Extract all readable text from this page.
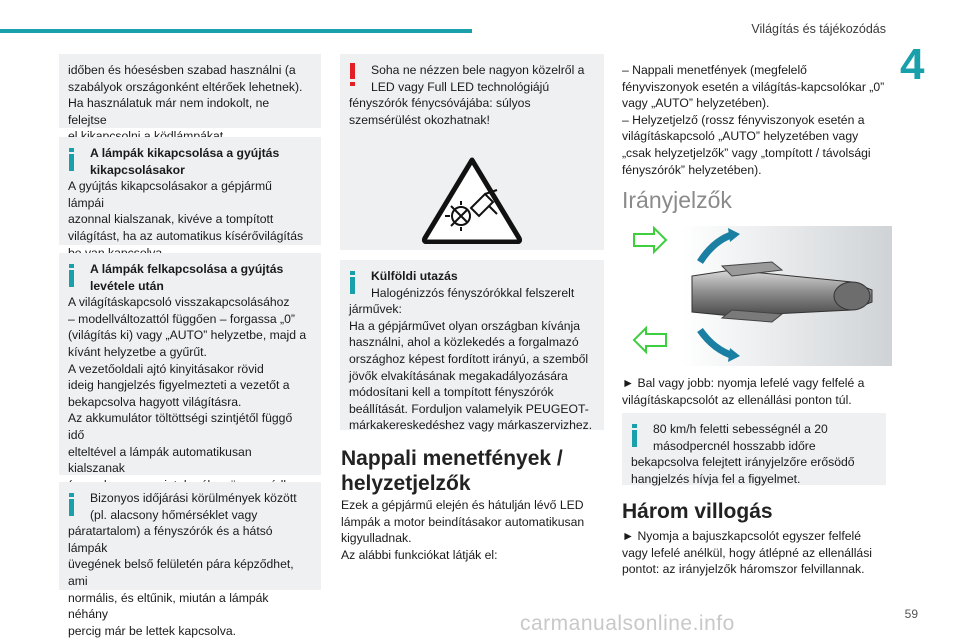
Világítás és tájékozódás
4

időben és hóesésben szabad használni (a

szabályok országonként eltérőek lehetnek).

Ha használatuk már nem indokolt, ne felejtse

A lámpák kikapcsolása a gyújtás

kikapcsolásakor

A gyújtás kikapcsolásakor a gépjármű lámpái

azonnal kialszanak, kivéve a tompított

világítást, ha az automatikus kísérővilágítás

A lámpák felkapcsolása a gyújtás

levétele után

A világításkapcsoló visszakapcsolásához

– modellváltozattól függően – forgassa „0”

(világítás ki) vagy „AUTO” helyzetbe, majd a

kívánt helyzetbe a gyűrűt.

A vezetőoldali ajtó kinyitásakor rövid

ideig hangjelzés figyelmezteti a vezetőt a

bekapcsolva hagyott világításra.

Az akkumulátor töltöttségi szintjétől függő idő

elteltével a lámpák automatikusan kialszanak

Bizonyos időjárási körülmények között

(pl. alacsony hőmérséklet vagy

páratartalom) a fényszórók és a hátsó lámpák

üvegének belső felületén pára képződhet, ami

normális, és eltűnik, miután a lámpák néhány

percig már be lettek kapcsolva.

Soha ne nézzen bele nagyon közelről a

LED vagy Full LED technológiájú

fényszórók fénycsóvájába: súlyos

szemsérülést okozhatnak!

Külföldi utazás

Halogénizzós fényszórókkal felszerelt

járművek:

Ha a gépjárművet olyan országban kívánja

használni, ahol a közlekedés a forgalmazó

országhoz képest fordított irányú, a szemből

jövők elvakításának megakadályozására

módosítani kell a tompított fényszórók

beállítását. Forduljon valamelyik PEUGEOT-

márkakereskedéshez vagy márkaszervizhez.

Nappali menetfények /
helyzetjelzők

Ezek a gépjármű elején és hátulján lévő LED

lámpák a motor beindításakor automatikusan

kigyulladnak.

Az alábbi funkciókat látják el:

– Nappali menetfények (megfelelő

fényviszonyok esetén a világítás-kapcsolókar „0”

vagy „AUTO” helyzetében).

– Helyzetjelző (rossz fényviszonyok esetén a

világításkapcsoló „AUTO” helyzetében vagy

„csak helyzetjelzők” vagy „tompított / távolsági

fényszórók” helyzetében).

Irányjelzők

► Bal vagy jobb: nyomja lefelé vagy felfelé a

világításkapcsolót az ellenállási ponton túl.

80 km/h feletti sebességnél a 20

másodpercnél hosszabb időre

bekapcsolva felejtett irányjelzőre erősödő

hangjelzés hívja fel a figyelmet.

Három villogás

► Nyomja a bajuszkapcsolót egyszer felfelé

vagy lefelé anélkül, hogy átlépné az ellenállási

pontot: az irányjelzők háromszor felvillannak.

carmanualsonline.info	59
